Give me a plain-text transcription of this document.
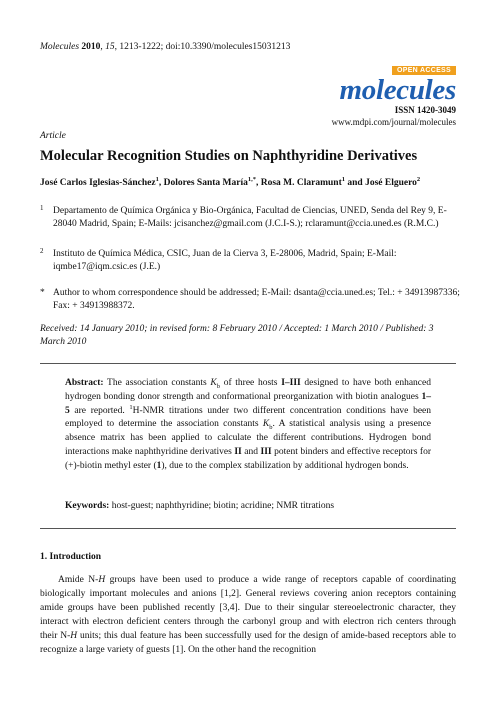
Molecules 2010, 15, 1213-1222; doi:10.3390/molecules15031213
OPEN ACCESS
molecules
ISSN 1420-3049
www.mdpi.com/journal/molecules
Article
Molecular Recognition Studies on Naphthyridine Derivatives
José Carlos Iglesias-Sánchez$^1$, Dolores Santa María$^{1,*}$, Rosa M. Claramunt$^1$ and José Elguero$^2$
1 Departamento de Química Orgánica y Bio-Orgánica, Facultad de Ciencias, UNED, Senda del Rey 9, E-28040 Madrid, Spain; E-Mails: jcisanchez@gmail.com (J.C.I-S.); rclaramunt@ccia.uned.es (R.M.C.)
2 Instituto de Química Médica, CSIC, Juan de la Cierva 3, E-28006, Madrid, Spain; E-Mail: iqmbe17@iqm.csic.es (J.E.)
* Author to whom correspondence should be addressed; E-Mail: dsanta@ccia.uned.es; Tel.: + 34913987336; Fax: + 34913988372.
Received: 14 January 2010; in revised form: 8 February 2010 / Accepted: 1 March 2010 / Published: 3 March 2010
Abstract: The association constants $K_b$ of three hosts I–III designed to have both enhanced hydrogen bonding donor strength and conformational preorganization with biotin analogues 1–5 are reported. $^1$H-NMR titrations under two different concentration conditions have been employed to determine the association constants $K_b$. A statistical analysis using a presence absence matrix has been applied to calculate the different contributions. Hydrogen bond interactions make naphthyridine derivatives II and III potent binders and effective receptors for (+)-biotin methyl ester (1), due to the complex stabilization by additional hydrogen bonds.
Keywords: host-guest; naphthyridine; biotin; acridine; NMR titrations
1. Introduction
Amide N-H groups have been used to produce a wide range of receptors capable of coordinating biologically important molecules and anions [1,2]. General reviews covering anion receptors containing amide groups have been published recently [3,4]. Due to their singular stereoelectronic character, they interact with electron deficient centers through the carbonyl group and with electron rich centers through their N-H units; this dual feature has been successfully used for the design of amide-based receptors able to recognize a large variety of guests [1]. On the other hand the recognition
